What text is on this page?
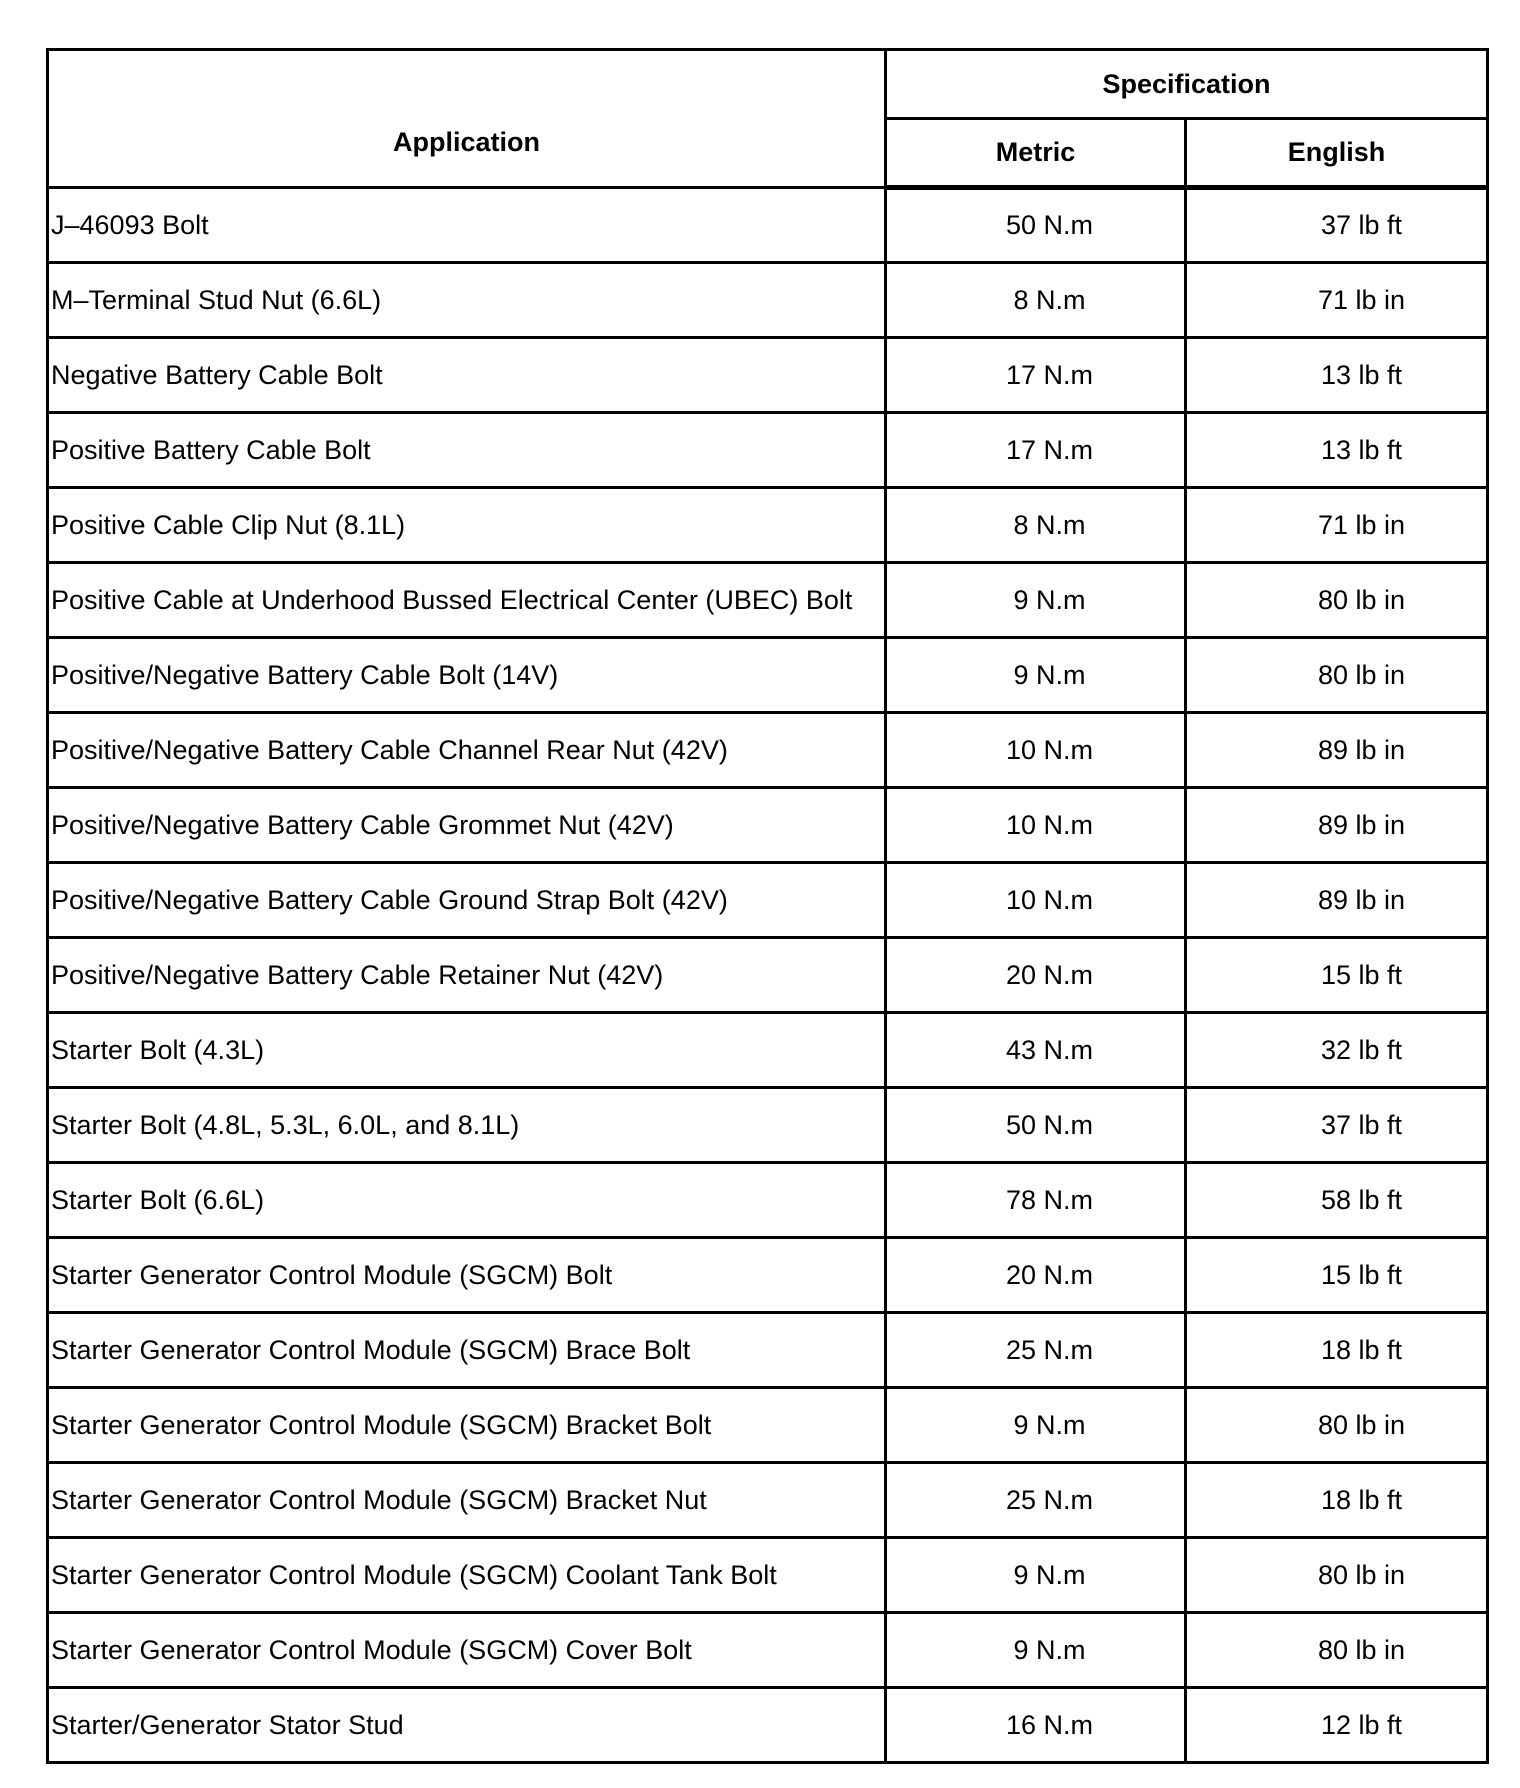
Application	Specification	
	Metric	English
J–46093 Bolt	50 N.m	37 lb ft
M–Terminal Stud Nut (6.6L)	8 N.m	71 lb in
Negative Battery Cable Bolt	17 N.m	13 lb ft
Positive Battery Cable Bolt	17 N.m	13 lb ft
Positive Cable Clip Nut (8.1L)	8 N.m	71 lb in
Positive Cable at Underhood Bussed Electrical Center (UBEC) Bolt	9 N.m	80 lb in
Positive/Negative Battery Cable Bolt (14V)	9 N.m	80 lb in
Positive/Negative Battery Cable Channel Rear Nut (42V)	10 N.m	89 lb in
Positive/Negative Battery Cable Grommet Nut (42V)	10 N.m	89 lb in
Positive/Negative Battery Cable Ground Strap Bolt (42V)	10 N.m	89 lb in
Positive/Negative Battery Cable Retainer Nut (42V)	20 N.m	15 lb ft
Starter Bolt (4.3L)	43 N.m	32 lb ft
Starter Bolt (4.8L, 5.3L, 6.0L, and 8.1L)	50 N.m	37 lb ft
Starter Bolt (6.6L)	78 N.m	58 lb ft
Starter Generator Control Module (SGCM) Bolt	20 N.m	15 lb ft
Starter Generator Control Module (SGCM) Brace Bolt	25 N.m	18 lb ft
Starter Generator Control Module (SGCM) Bracket Bolt	9 N.m	80 lb in
Starter Generator Control Module (SGCM) Bracket Nut	25 N.m	18 lb ft
Starter Generator Control Module (SGCM) Coolant Tank Bolt	9 N.m	80 lb in
Starter Generator Control Module (SGCM) Cover Bolt	9 N.m	80 lb in
Starter/Generator Stator Stud	16 N.m	12 lb ft
